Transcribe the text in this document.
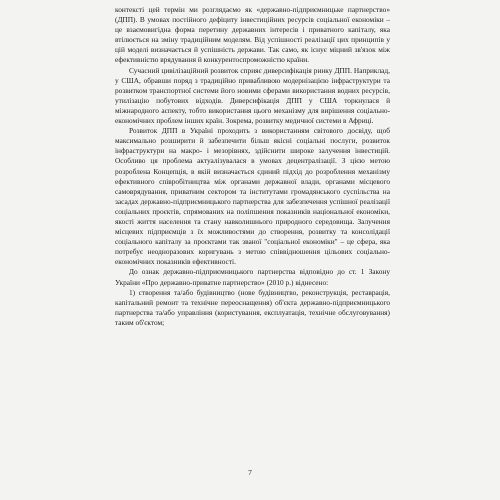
контексті цей термін ми розглядаємо як «державно-підприємницьке партнерство» (ДПП). В умовах постійного дефіциту інвестиційних ресурсів соціальної економіки – це взаємовигідна форма перетину державних інтересів і приватного капіталу, яка втілюється на зміну традиційним моделям. Від успішності реалізації цих принципів у цій моделі визначається й успішність держави. Так само, як існує міцний зв'язок між ефективністю врядування й конкурентоспроможністю країни.

Сучасний цивілізаційний розвиток сприяє диверсифікація ринку ДПП. Наприклад, у США, обравши поряд з традиційно привабливою модернізацією інфраструктури та розвитком транспортної системи його новими сферами використання водних ресурсів, утилізацію побутових відходів. Диверсифікація ДПП у США торкнулася й міжнародного аспекту, тобто використання цього механізму для вирішення соціально-економічних проблем інших країн. Зокрема, розвитку медичної системи в Африці.

Розвиток ДПП в Україні проходить з використанням світового досвіду, щоб максимально розширити й забезпечити більш якісні соціальні послуги, розвиток інфраструктури на макро- і мезорівнях, здійснити широке залучення інвестицій. Особливо ця проблема актуалізувалася в умовах децентралізації. З цією метою розроблена Концепція, в якій визначається єдиний підхід до розроблення механізму ефективного співробітництва між органами державної влади, органами місцевого самоврядування, приватним сектором та інститутами громадянського суспільства на засадах державно-підприємницького партнерства для забезпечення успішної реалізації соціальних проєктів, спрямованих на поліпшення показників національної економіки, якості життя населення та стану навколишнього природного середовища. Залучення місцевих підприємців з їх можливостями до створення, розвитку та консолідації соціального капіталу за проєктами так званої "соціальної економіки" – це сфера, яка потребує неодноразових коригувань з метою співвідношення цільових соціально-економічних показників ефективності.

До ознак державно-підприємницького партнерства відповідно до ст. 1 Закону України «Про державно-приватне партнерство» (2010 р.) віднесено:

1) створення та/або будівництво (нове будівництво, реконструкція, реставрація, капітальний ремонт та технічне переоснащення) об'єкта державно-підприємницького партнерства та/або управління (користування, експлуатація, технічне обслуговування) таким об'єктом;

7
